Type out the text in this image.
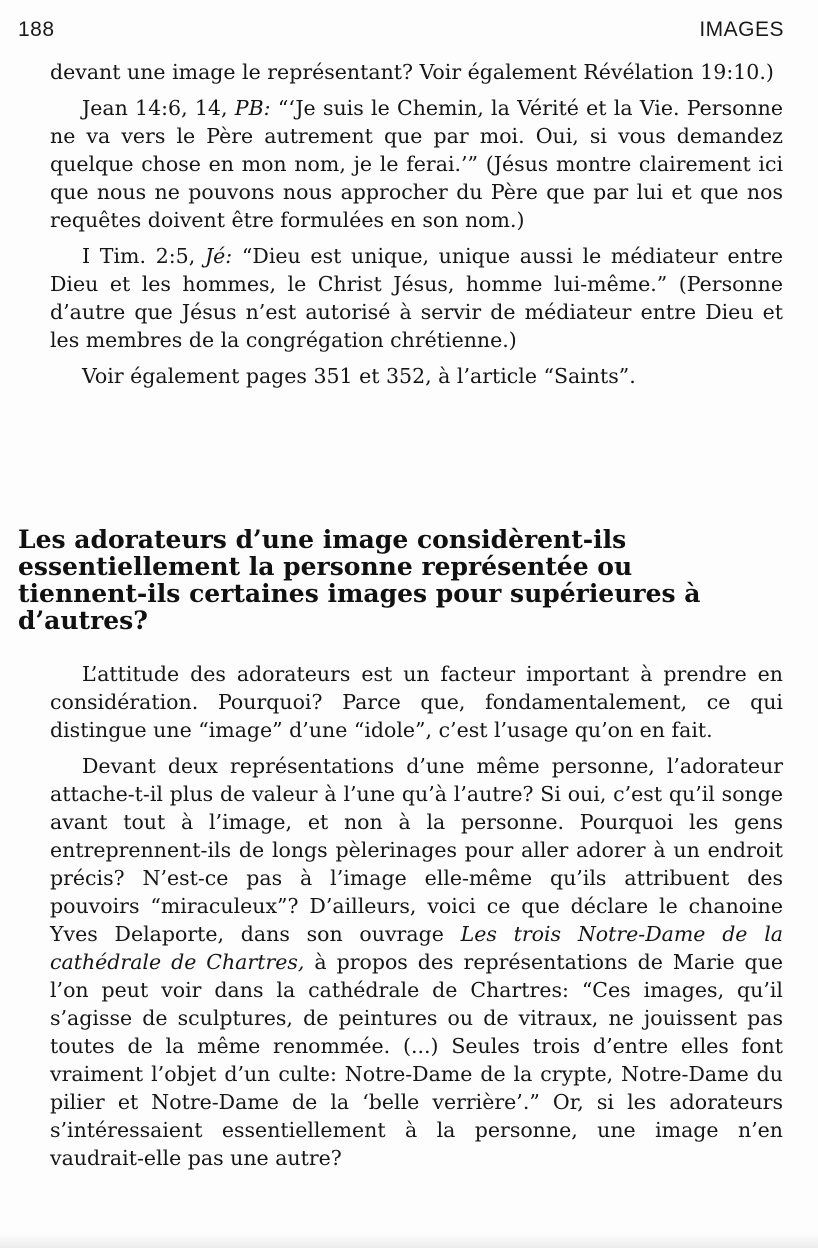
188	IMAGES

devant une image le représentant? Voir également Révélation 19:10.)

Jean 14:6, 14, PB: “‘Je suis le Chemin, la Vérité et la Vie. Personne ne va vers le Père autrement que par moi. Oui, si vous demandez quelque chose en mon nom, je le ferai.’” (Jésus montre clairement ici que nous ne pouvons nous approcher du Père que par lui et que nos requêtes doivent être formulées en son nom.)

I Tim. 2:5, Jé: “Dieu est unique, unique aussi le médiateur entre Dieu et les hommes, le Christ Jésus, homme lui-même.” (Personne d’autre que Jésus n’est autorisé à servir de médiateur entre Dieu et les membres de la congrégation chrétienne.)

Voir également pages 351 et 352, à l’article “Saints”.

Les adorateurs d’une image considèrent-ils essentiellement la personne représentée ou tiennent-ils certaines images pour supérieures à d’autres?

L’attitude des adorateurs est un facteur important à prendre en considération. Pourquoi? Parce que, fondamentalement, ce qui distingue une “image” d’une “idole”, c’est l’usage qu’on en fait.

Devant deux représentations d’une même personne, l’adorateur attache-t-il plus de valeur à l’une qu’à l’autre? Si oui, c’est qu’il songe avant tout à l’image, et non à la personne. Pourquoi les gens entreprennent-ils de longs pèlerinages pour aller adorer à un endroit précis? N’est-ce pas à l’image elle-même qu’ils attribuent des pouvoirs “miraculeux”? D’ailleurs, voici ce que déclare le chanoine Yves Delaporte, dans son ouvrage Les trois Notre-Dame de la cathédrale de Chartres, à propos des représentations de Marie que l’on peut voir dans la cathédrale de Chartres: “Ces images, qu’il s’agisse de sculptures, de peintures ou de vitraux, ne jouissent pas toutes de la même renommée. (...) Seules trois d’entre elles font vraiment l’objet d’un culte: Notre-Dame de la crypte, Notre-Dame du pilier et Notre-Dame de la ‘belle verrière’.” Or, si les adorateurs s’intéressaient essentiellement à la personne, une image n’en vaudrait-elle pas une autre?
